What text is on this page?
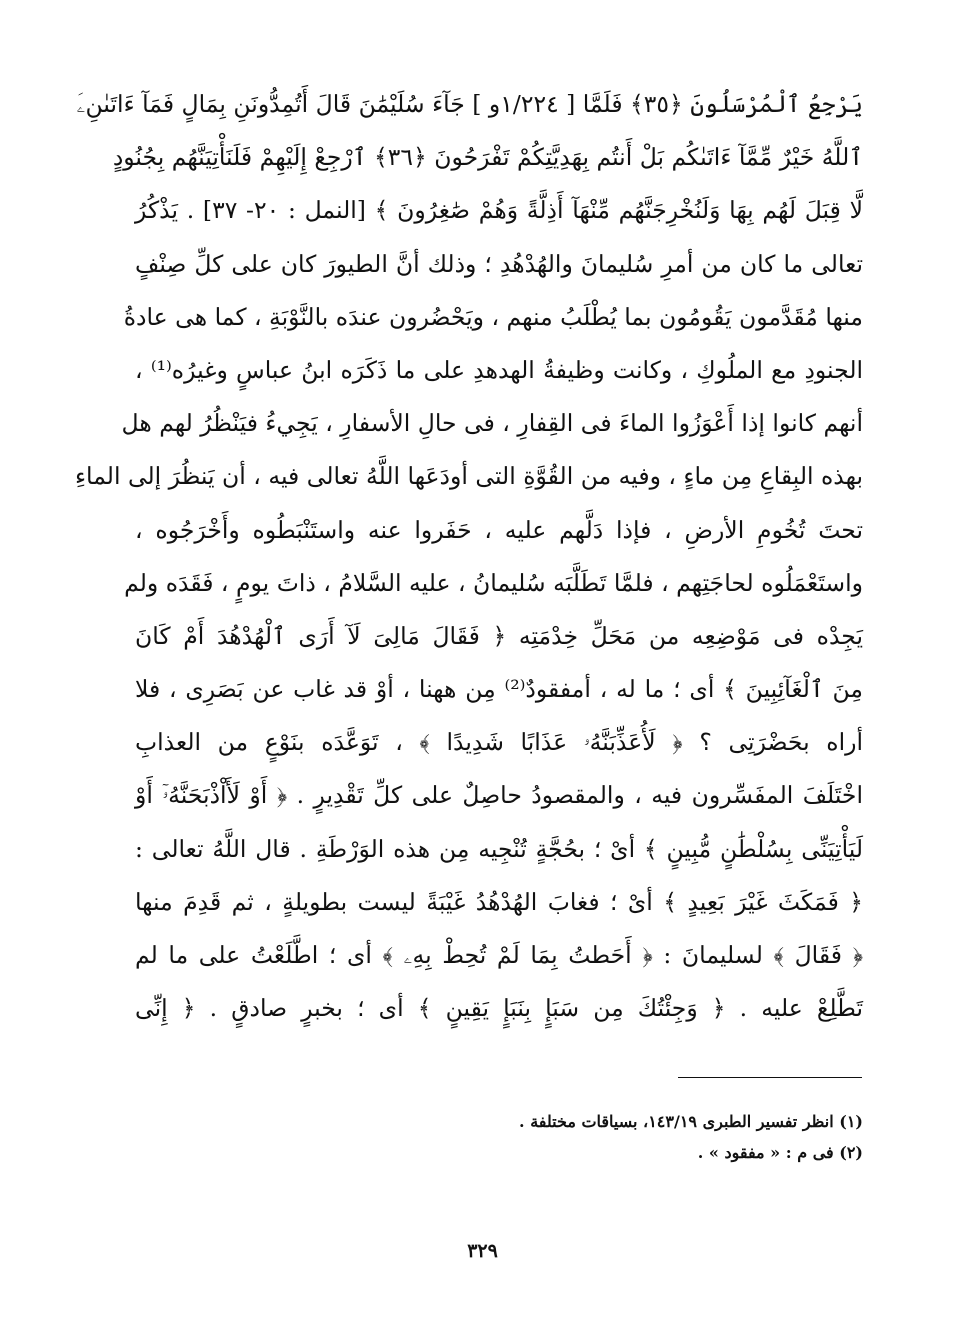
يَرْجِعُ ٱلْمُرْسَلُونَ ﴿٣٥﴾ فَلَمَّا [ ١/٢٢٤و ] جَآءَ سُلَيْمَٰنَ قَالَ أَتُمِدُّونَنِ بِمَالٍ فَمَآ ءَاتَىٰنِۦَ
ٱللَّهُ خَيْرٌ مِّمَّآ ءَاتَىٰكُم بَلْ أَنتُم بِهَدِيَّتِكُمْ تَفْرَحُونَ ﴿٣٦﴾ ٱرْجِعْ إِلَيْهِمْ فَلَنَأْتِيَنَّهُم بِجُنُودٍ
لَّا قِبَلَ لَهُم بِهَا وَلَنُخْرِجَنَّهُم مِّنْهَآ أَذِلَّةً وَهُمْ صَٰغِرُونَ ﴾ [النمل : ٢٠- ٣٧] . يَذْكُرُ
تعالى ما كان من أمرِ سُليمانَ والهُدْهُدِ ؛ وذلك أنَّ الطيورَ كان على كلِّ صِنْفٍ
منها مُقَدَّمون يَقُومُون بما يُطْلَبُ منهم ، ويَحْضُرون عندَه بالنَّوْبَةِ ، كما هى عادةُ
الجنودِ مع الملُوكِ ، وكانت وظيفةُ الهدهدِ على ما ذَكَرَه ابنُ عباسٍ وغيرُه⁽¹⁾ ،
أنهم كانوا إذا أَعْوَزُوا الماءَ فى القِفارِ ، فى حالِ الأسفارِ ، يَجِيءُ فيَنْظُرُ لهم هل
بهذه البِقاعِ مِن ماءٍ ، وفيه من القُوَّةِ التى أودَعَها اللَّهُ تعالى فيه ، أن يَنظُرَ إلى الماءِ
تحتَ تُخُومِ الأرضِ ، فإذا دَلَّهم عليه ، حَفَروا عنه واستَنْبَطُوه وأَخْرَجُوه ،
واستَعْمَلُوه لحاجَتِهم ، فلمَّا تَطَلَّبَه سُليمانُ ، عليه السَّلامُ ، ذاتَ يومٍ ، فَقَدَه ولم
يَجِدْه فى مَوْضِعِه من مَحَلِّ خِدْمَتِه ﴿ فَقَالَ مَالِىَ لَآ أَرَى ٱلْهُدْهُدَ أَمْ كَانَ
مِنَ ٱلْغَآئِبِينَ ﴾ أى ؛ ما له ، أمفقودٌ⁽²⁾ مِن ههنا ، أوْ قد غاب عن بَصَرِى ، فلا
أراه بحَضْرَتِى ؟ ﴿ لَأُعَذِّبَنَّهُۥ عَذَابًا شَدِيدًا ﴾ ، تَوَعَّدَه بنَوْعٍ من العذابِ
اخْتَلَفَ المفَسِّرون فيه ، والمقصودُ حاصِلٌ على كلِّ تَقْدِيرٍ . ﴿ أَوْ لَأَاْذْبَحَنَّهُۥٓ أَوْ
لَيَأْتِيَنِّى بِسُلْطَٰنٍ مُّبِينٍ ﴾ أىْ ؛ بحُجَّةٍ تُنْجِيه مِن هذه الوَرْطَةِ . قال اللَّهُ تعالى :
﴿ فَمَكَثَ غَيْرَ بَعِيدٍ ﴾ أىْ ؛ فغابَ الهُدْهُدُ غَيْبَةً ليست بطويلةٍ ، ثم قَدِمَ منها
﴿ فَقَالَ ﴾ لسليمانَ : ﴿ أَحَطتُ بِمَا لَمْ تُحِطْ بِهِۦ ﴾ أى ؛ اطَّلَعْتُ على ما لم
تَطَّلِعْ عليه . ﴿ وَجِئْتُكَ مِن سَبَإٍ بِنَبَإٍ يَقِينٍ ﴾ أى ؛ بخبرٍ صادقٍ . ﴿ إِنِّى
(١) انظر تفسير الطبرى ١٤٣/١٩، بسياقات مختلفة .
(٢) فى م : « مفقود » .
٣٢٩
